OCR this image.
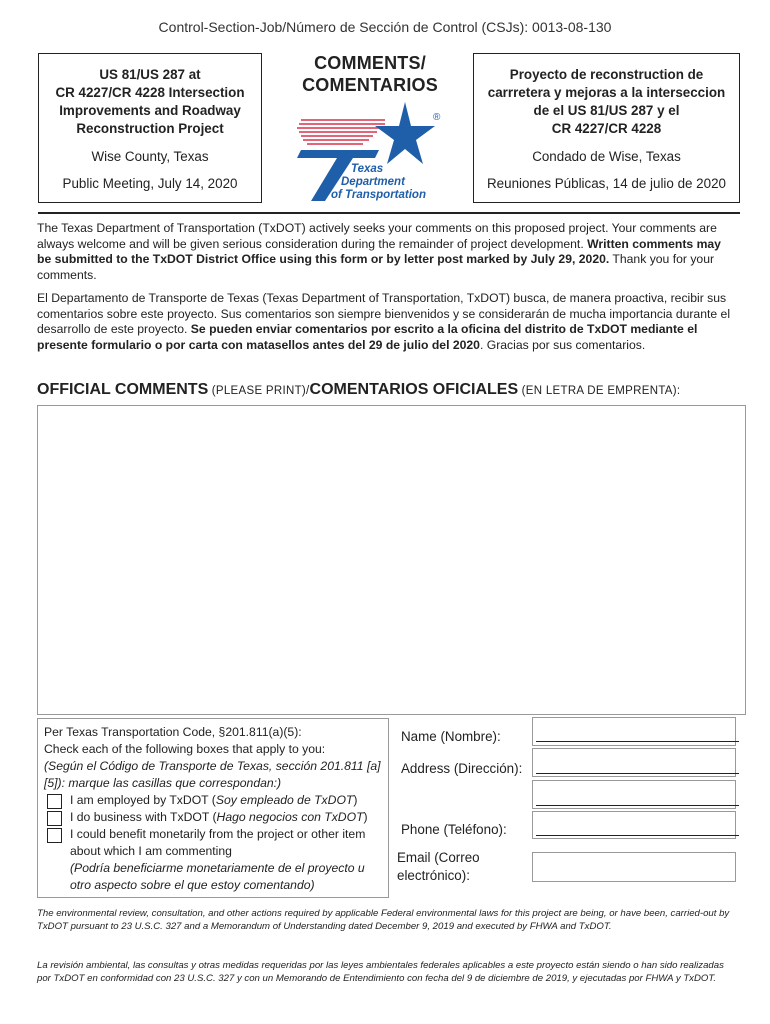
Control-Section-Job/Número de Sección de Control (CSJs): 0013-08-130
US 81/US 287 at
CR 4227/CR 4228 Intersection
Improvements and Roadway
Reconstruction Project
Wise County, Texas
Public Meeting, July 14, 2020
COMMENTS/
COMENTARIOS
®
Texas
Department
of Transportation
Proyecto de reconstruction de
carrretera y mejoras a la interseccion
de el US 81/US 287 y el
CR 4227/CR 4228
Condado de Wise, Texas
Reuniones Públicas, 14 de julio de 2020
The Texas Department of Transportation (TxDOT) actively seeks your comments on this proposed project. Your comments are always welcome and will be given serious consideration during the remainder of project development. Written comments may be submitted to the TxDOT District Office using this form or by letter post marked by July 29, 2020. Thank you for your comments.
El Departamento de Transporte de Texas (Texas Department of Transportation, TxDOT) busca, de manera proactiva, recibir sus comentarios sobre este proyecto. Sus comentarios son siempre bienvenidos y se considerarán de mucha importancia durante el desarrollo de este proyecto. Se pueden enviar comentarios por escrito a la oficina del distrito de TxDOT mediante el presente formulario o por carta con matasellos antes del 29 de julio del 2020. Gracias por sus comentarios.
OFFICIAL COMMENTS (PLEASE PRINT)/COMENTARIOS OFICIALES (EN LETRA DE EMPRENTA):
Per Texas Transportation Code, §201.811(a)(5):
Check each of the following boxes that apply to you:
(Según el Código de Transporte de Texas, sección 201.811 [a][5]): marque las casillas que correspondan:)
I am employed by TxDOT (Soy empleado de TxDOT)
I do business with TxDOT (Hago negocios con TxDOT)
I could benefit monetarily from the project or other item about which I am commenting
(Podría beneficiarme monetariamente de el proyecto u otro aspecto sobre el que estoy comentando)
Name (Nombre):
Address (Dirección):
Phone (Teléfono):
Email (Correo electrónico):
The environmental review, consultation, and other actions required by applicable Federal environmental laws for this project are being, or have been, carried-out by TxDOT pursuant to 23 U.S.C. 327 and a Memorandum of Understanding dated December 9, 2019 and executed by FHWA and TxDOT.
La revisión ambiental, las consultas y otras medidas requeridas por las leyes ambientales federales aplicables a este proyecto están siendo o han sido realizadas por TxDOT en conformidad con 23 U.S.C. 327 y con un Memorando de Entendimiento con fecha del 9 de diciembre de 2019, y ejecutadas por FHWA y TxDOT.
